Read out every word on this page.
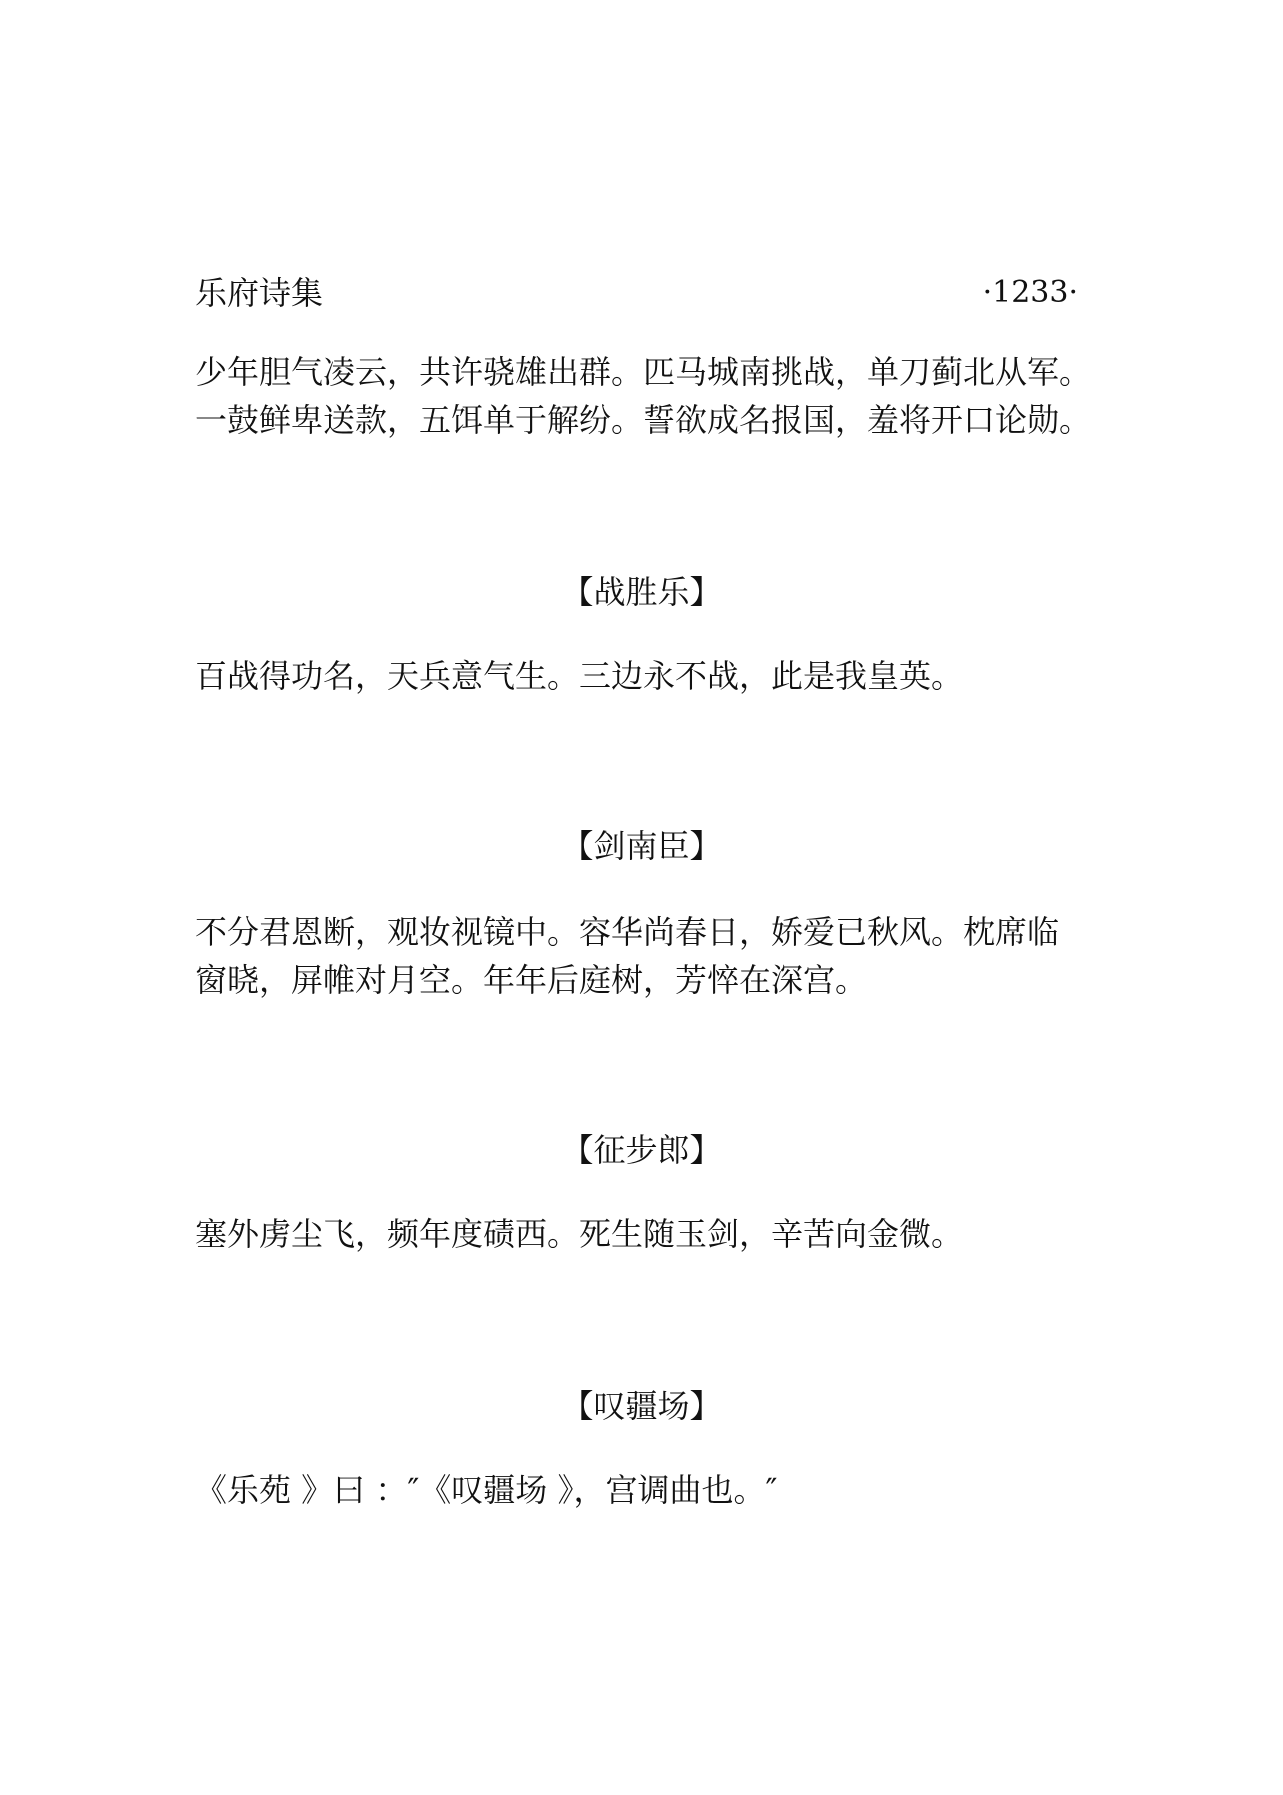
乐府诗集	·1233·

少年胆气凌云，共许骁雄出群。匹马城南挑战，单刀蓟北从军。

一鼓鲜卑送款，五饵单于解纷。誓欲成名报国，羞将开口论勋。

【战胜乐】

百战得功名，天兵意气生。三边永不战，此是我皇英。

【剑南臣】

不分君恩断，观妆视镜中。容华尚春日，娇爱已秋风。枕席临

窗晓，屏帷对月空。年年后庭树，芳悴在深宫。

【征步郎】

塞外虏尘飞，频年度碛西。死生随玉剑，辛苦向金微。

【叹疆场】

《乐苑 》曰 ：″《叹疆场 》，宫调曲也。″
